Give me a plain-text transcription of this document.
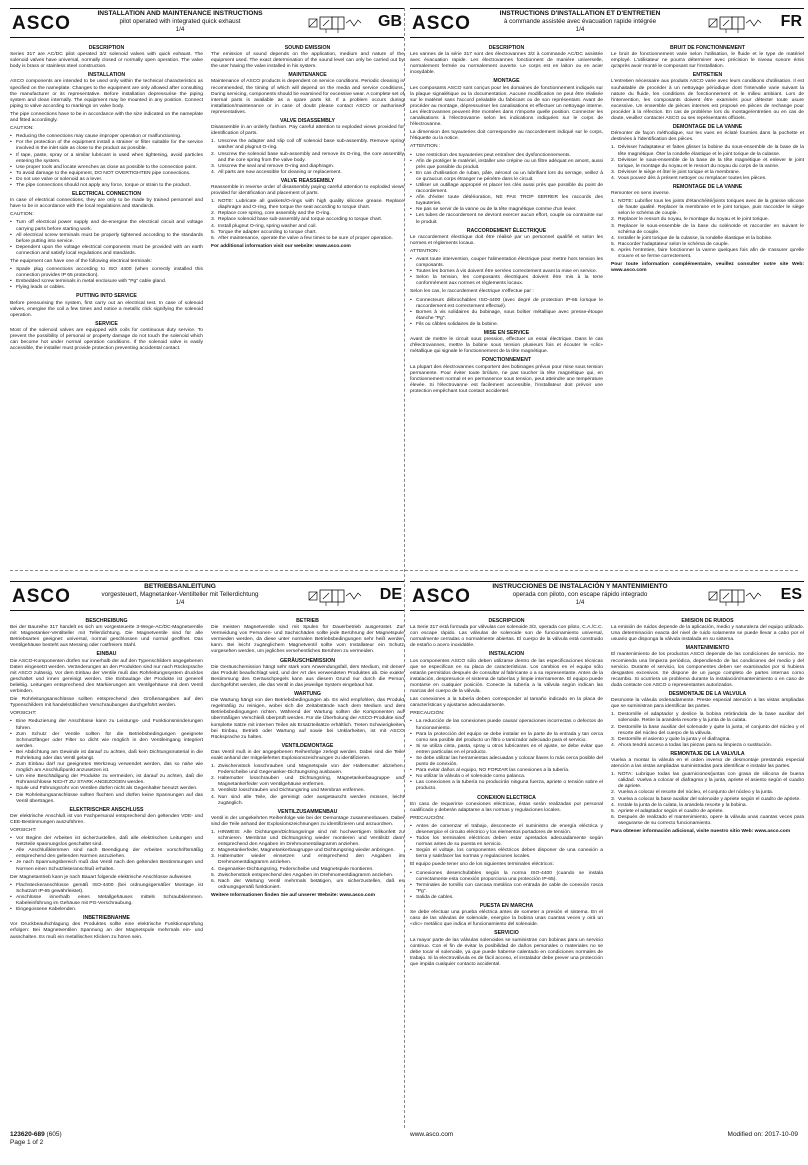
ASCO	INSTALLATION AND MAINTENANCE INSTRUCTIONS
pilot operated with integrated quick exhaust
1/4	GB
DESCRIPTION

Series 317 are AC/DC pilot operated 3/2 solenoid valves with quick exhaust. The solenoid valves have universal, normally closed or normally open operation. The valve body is brass or stainless steel construction.

INSTALLATION

ASCO components are intended to be used only within the technical characteristics as specified on the nameplate. Changes to the equipment are only allowed after consulting the manufacturer or its representative. Before installation depressurise the piping system and clean internally. The equipment may be mounted in any position. Connect piping to valve according to markings on valve body.

The pipe connections have to be in accordance with the size indicated on the nameplate and fitted accordingly.

CAUTION:

• Reducing the connections may cause improper operation or malfunctioning.
• For the protection of the equipment install a strainer or filter suitable for the service involved in the inlet side as close to the product as possible.
• If tape, paste, spray or a similar lubricant is used when tightening, avoid particles entering the system.
• Use proper tools and locate wrenches as close as possible to the connection point.
• To avoid damage to the equipment, DO NOT OVERTIGHTEN pipe connections.
• Do not use valve or solenoid as a lever.
• The pipe connections should not apply any force, torque or strain to the product.
ELECTRICAL CONNECTION

In case of electrical connections, they are only to be made by trained personnel and have to be in accordance with the local regulations and standards.

CAUTION:

• Turn off electrical power supply and de-energise the electrical circuit and voltage carrying parts before starting work.
• All electrical screw terminals must be properly tightened according to the standards before putting into service.
• Dependent upon the voltage electrical components must be provided with an earth connection and satisfy local regulations and standards.

The equipment can have one of the following electrical terminals:

• Spade plug connections according to ISO 4400 (when correctly installed this connection provides IP 65 protection).
• Embedded screw terminals in metal enclosure with "Pg" cable gland.
• Flying leads or cables.
PUTTING INTO SERVICE

Before pressurising the system, first carry out an electrical test. In case of solenoid valves, energise the coil a few times and notice a metallic click signifying the solenoid operation.

SERVICE

Most of the solenoid valves are equipped with coils for continuous duty service. To prevent the possibility of personal or property damage do not touch the solenoid which can become hot under normal operation conditions. If the solenoid valve is easily accessible, the installer must provide protection preventing accidental contact.

SOUND EMISSION

The emission of sound depends on the application, medium and nature of the equipment used. The exact determination of the sound level can only be carried out by the user having the valve installed in his system.

MAINTENANCE

Maintenance of ASCO products is dependent on service conditions. Periodic cleaning is recommended, the timing of which will depend on the media and service conditions. During servicing, components should be examined for excessive wear. A complete set of internal parts is available as a spare parts kit. If a problem occurs during installation/maintenance or in case of doubt please contact ASCO or authorised representatives.

VALVE DISASSEMBLY

Disassemble in an orderly fashion. Pay careful attention to exploded views provided for identification of parts.

1. Unscrew the adapter and slip coil off solenoid base sub-assembly. Remove spring washer and plugnut O-ring.
2. Unscrew the solenoid base sub-assembly and remove its O-ring, the core assembly and the core spring from the valve body.
3. Unscrew the seal and remove O-ring and diaphragm.
4. All parts are now accessible for cleaning or replacement.
VALVE REASSEMBLY

Reassemble in reverse order of disassembly paying careful attention to exploded views provided for identification and placement of parts.

1. NOTE: Lubricate all gaskets/O-rings with high quality silicone grease. Replace diaphragm and O-ring, then torque the seat according to torque chart.
2. Replace core spring, core assembly and the O-ring.
3. Replace solenoid base sub-assembly and torque according to torque chart.
4. Install plugnut O-ring, spring washer and coil.
5. Torque the adapter according to torque chart.
6. After maintenance, operate the valve a few times to be sure of proper operation.

For additional information visit our website: www.asco.com

ASCO	INSTRUCTIONS D'INSTALLATION ET D'ENTRETIEN
à commande assistée avec évacuation rapide intégrée
1/4	FR
DESCRIPTION

Les vannes de la série 317 sont des électrovannes 3/2 à commande AC/DC assistée avec évacuation rapide. Les électrovannes fonctionnent de manière universelle, normalement fermée ou normalement ouverte. Le corps est en laiton ou en acier inoxydable.

MONTAGE

Les composants ASCO sont conçus pour les domaines de fonctionnement indiqués sur la plaque signalétique ou la documentation. Aucune modification ne peut être réalisée sur le matériel sans l'accord préalable du fabricant ou de son représentant. Avant de procéder au montage, dépressuriser les canalisations et effectuer un nettoyage interne. Les électrovannes peuvent être montées dans n'importe quelle position. Connecter les canalisations à l'électrovanne selon les indications indiquées sur le corps de l'électrovanne.

La dimension des tuyauteries doit correspondre au raccordement indiqué sur le corps, l'étiquette ou la notice.

ATTENTION :

• Une restriction des tuyauteries peut entraîner des dysfonctionnements.
• Afin de protéger le matériel, installer une crépine ou un filtre adéquat en amont, aussi près que possible du produit.
• En cas d'utilisation de ruban, pâte, aérosol ou un lubrifiant lors du serrage, veillez à ce qu'aucun corps étranger ne pénètre dans le circuit.
• Utiliser un outillage approprié et placer les clés aussi près que possible du point de raccordement.
• Afin d'éviter toute détérioration, NE PAS TROP SERRER les raccords des tuyauteries.
• Ne pas se servir de la vanne ou de la tête magnétique comme d'un levier.
• Les tubes de raccordement ne devront exercer aucun effort, couple ou contrainte sur le produit.
RACCORDEMENT ÉLECTRIQUE

Le raccordement électrique doit être réalisé par un personnel qualifié et selon les normes et règlements locaux.

ATTENTION :

• Avant toute intervention, couper l'alimentation électrique pour mettre hors tension les composants.
• Toutes les bornes à vis doivent être serrées correctement avant la mise en service.
• Selon la tension, les composants électriques doivent être mis à la terre conformément aux normes et règlements locaux.

Selon les cas, le raccordement électrique s'effectue par :

• Connecteurs débrochables ISO-4400 (avec degré de protection IP-65 lorsque le raccordement est correctement effectué).
• Bornes à vis solidaires du bobinage, sous boîtier métallique avec presse-étoupe étanche "Pg".
• Fils ou câbles solidaires de la bobine.
MISE EN SERVICE

Avant de mettre le circuit sous pression, effectuer un essai électrique. Dans le cas d'électrovannes, mettre la bobine sous tension plusieurs fois et écouter le «clic» métallique qui signale le fonctionnement de la tête magnétique.

FONCTIONNEMENT

La plupart des électrovannes comportent des bobinages prévus pour mise sous tension permanente. Pour éviter toute brûlure, ne pas toucher la tête magnétique qui, en fonctionnement normal et en permanence sous tension, peut atteindre une température élevée. Si l'électrovanne est facilement accessible, l'installateur doit prévoir une protection empêchant tout contact accidentel.

BRUIT DE FONCTIONNEMENT

Le bruit de fonctionnement varie selon l'utilisation, le fluide et le type de matériel employé. L'utilisateur ne pourra déterminer avec précision le niveau sonore émis qu'après avoir monté le composant sur l'installation.

ENTRETIEN

L'entretien nécessaire aux produits ASCO varie avec leurs conditions d'utilisation. Il est souhaitable de procéder à un nettoyage périodique dont l'intervalle varie suivant la nature du fluide, les conditions de fonctionnement et le milieu ambiant. Lors de l'intervention, les composants doivent être examinés pour détecter toute usure excessive. Un ensemble de pièces internes est proposé en pièces de rechange pour procéder à la réfection. En cas de problème lors du montage/entretien ou en cas de doute, veuillez contacter ASCO ou ses représentants officiels.

DEMONTAGE DE LA VANNE

Démonter de façon méthodique, sur les vues en éclaté fournies dans la pochette et destinées à l'identification des pièces.

1. Dévisser l'adaptateur et faites glisser la bobine du sous-ensemble de la base de la tête magnétique. Ôter la rondelle élastique et le joint torique de la culasse.
2. Dévisser le sous-ensemble de la base de la tête magnétique et enlever le joint torique, le montage du noyau et le ressort du noyau du corps de la vanne.
3. Dévisser le siège et ôter le joint torique et la membrane.
4. Vous pouvez dès à présent nettoyer ou remplacer toutes les pièces.
REMONTAGE DE LA VANNE

Remonter en sens inverse.

1. NOTE: Lubrifier tous les joints d'étanchéité/joints toriques avec de la graisse silicone de haute qualité. Replacer la membrane et le joint torique, puis raccorder le siège selon le schéma de couple.
2. Replacer le ressort du noyau, le montage du noyau et le joint torique.
3. Replacer le sous-ensemble de la base du solénoïde et raccorder en suivant le schéma de couple.
4. Installer le joint torique de la culasse, la rondelle élastique et la bobine.
5. Raccorder l'adaptateur selon le schéma de couple.
6. Après l'entretien, faire fonctionner la vanne quelques fois afin de s'assurer qu'elle s'ouvre et se ferme correctement.

Pour toute information complémentaire, veuillez consulter notre site Web: www.asco.com

ASCO	BETRIEBSANLEITUNG
vorgesteuert, Magnetanker-Ventilteller mit Tellerdichtung
1/4	DE
BESCHREIBUNG

Bei der Baureihe 317 handelt es sich um vorgesteuerte 3-Wege-AC/DC-Magnetventile mit Magnetanker-Ventilteller mit Tellerdichtung. Die Magnetventile sind für alle Betriebsarten geeignet: universal, normal geschlossen und normal geöffnet. Das Ventilgehäuse besteht aus Messing oder rostfreiem Stahl.

EINBAU

Die ASCO-Komponenten dürfen nur innerhalb der auf den Typenschildern angegebenen Daten eingesetzt werden. Veränderungen an den Produkten sind nur nach Rücksprache mit ASCO zulässig. Vor dem Einbau der Ventile muß das Rohrleitungssystem drucklos geschaltet und innen gereinigt werden. Die Einbaulage der Produkte ist generell beliebig. Leitungen entsprechend den Markierungen am Ventilgehäuse mit dem Ventil verbinden.

Die Rohrleitungsanschlüsse sollten entsprechend den Größenangaben auf den Typenschildern mit handelsüblichen Verschraubungen durchgeführt werden.

VORSICHT:

• Eine Reduzierung der Anschlüsse kann zu Leistungs- und Funktionsminderungen führen.
• Zum Schutz der Ventile sollten für die Betriebsbedingungen geeignete Schmutzfänger oder Filter so dicht wie möglich in den Ventileingang integriert werden.
• Bei Abdichtung am Gewinde ist darauf zu achten, daß kein Dichtungsmaterial in die Rohrleitung oder das Ventil gelangt.
• Zum Einbau darf nur geeignetes Werkzeug verwendet werden, das so nahe wie möglich am Anschlußpunkt anzusetzen ist.
• Um eine Beschädigung der Produkte zu vermeiden, ist darauf zu achten, daß die Rohranschlüsse NICHT ZU STARK ANGEZOGEN werden.
• Spule und Führungsrohr von Ventilen dürfen nicht als Gegenhalter benutzt werden.
• Die Rohrleitungsanschlüsse sollten fluchten und dürfen keine Spannungen auf das Ventil übertragen.
ELEKTRISCHER ANSCHLUSS

Der elektrische Anschluß ist von Fachpersonal entsprechend den geltenden VDE- und CEE-Bestimmungen auszuführen.

VORSICHT:

• Vor Beginn der Arbeiten ist sicherzustellen, daß alle elektrischen Leitungen und Netzteile spannungslos geschaltet sind.
• Alle Anschlußklemmen sind nach Beendigung der Arbeiten vorschriftsmäßig entsprechend den geltenden Normen anzuziehen.
• Je nach Spannungsbereich muß das Ventil nach den geltenden Bestimmungen und Normen einen Schutzleiteranschluß erhalten.

Der Magnetantrieb kann je nach Bauart folgende elektrische Anschlüsse aufweisen

• Flachsteckeranschlüsse gemäß ISO-4400 (bei ordnungsgemäßer Montage ist Schutzart IP-65 gewährleistet).
• Anschlüsse innerhalb eines Metallgehäuses mittels Schraubklemmen. Kabeleinführung im Gehäuse mit PG-Verschraubung.
• Eingegossene Kabelenden.
INBETRIEBNAHME

Vor Druckbeaufschlagung des Produktes sollte eine elektrische Funktionsprüfung erfolgen: Bei Magnetventilen Spannung an der Magnetspule mehrmals ein- und ausschalten. Es muß ein metallisches Klicken zu hören sein.

BETRIEB

Die meisten Magnetventile sind mit Spulen für Dauerbetrieb ausgerüstet. Zur Vermeidung von Personen- und Sachschäden sollte jede Berührung der Magnetspule vermieden werden, da diese unter normalen Betriebsbedingungen sehr heiß werden kann. Bei leicht zugänglichem Magnetventil sollte vom Installateur ein Schutz vorgesehen werden, um jegliches versehentliches Berühren zu vermeiden.

GERÄUSCHEMISSION

Die Geräuschemission hängt sehr stark vom Anwendungsfall, dem Medium, mit denen das Produkt beaufschlagt wird, und der Art des verwendeten Produktes ab. Die exakte Bestimmung des Geräuschpegels kann aus diesem Grund nur durch die Person durchgeführt werden, die das Ventil in das jeweilige System eingebaut hat.

WARTUNG

Die Wartung hängt von den Betriebsbedingungen ab. Es wird empfohlen, das Produkt regelmäßig zu reinigen, wobei sich die Zeitabstände nach dem Medium und den Betriebsbedingungen richten. Während der Wartung sollten die Komponenten auf übermäßigen Verschleiß überprüft werden. Für die Überholung der ASCO-Produkte sind komplette Sätze mit internen Teilen als Ersatzteilsätze erhältlich. Treten Schwierigkeiten bei Einbau, Betrieb oder Wartung auf sowie bei Unklarheiten, ist mit ASCO Rücksprache zu halten.

VENTILDEMONTAGE

Das Ventil muß in der angegebenen Reihenfolge zerlegt werden. Dabei sind die Teile exakt anhand der mitgelieferten Explosionszeichnungen zu identifizieren.

1. Zwischenstück losschrauben und Magnetspule von der Haltemutter abziehen. Federscheibe und Gegenanker-Dichtungsring ausbauen.
2. Haltemutter losschrauben und Dichtungsring, Magnetankerbaugruppe und Magnetankerfeder vom Ventilgehäuse entfernen.
3. Ventilsitz losschrauben und Dichtungsring und Membran entfernen.
4. Nun sind alle Teile, die gereinigt oder ausgetauscht werden müssen, leicht zugänglich.
VENTILZUSAMMENBAU

Ventil in der umgekehrten Reihenfolge wie bei der Demontage zusammenbauen. Dabei sind die Teile anhand der Explosionszeichnungen zu identifizieren und anzuordnen.

1. HINWEIS: Alle Dichtungen/Dichtungsringe sind mit hochwertigem Silikonfett zu schmieren. Membran und Dichtungsring wieder montieren und Ventilsitz dann entsprechend den Angaben im Drehmomentdiagramm anziehen.
2. Magnetankerfeder, Magnetankerbaugruppe und Dichtungsring wieder anbringen.
3. Haltemutter wieder einsetzen und entsprechend den Angaben im Drehmomentdiagramm anziehen.
4. Gegenanker-Dichtungsring, Federscheibe und Magnetspule montieren.
5. Zwischenstück entsprechend den Angaben im Drehmomentdiagramm anziehen.
6. Nach der Wartung Ventil mehrmals betätigen, um sicherzustellen, daß es ordnungsgemäß funktioniert.

Weitere Informationen finden Sie auf unserer Website: www.asco.com

ASCO	INSTRUCCIONES DE INSTALACIÓN Y MANTENIMIENTO
operada con piloto, con escape rápido integrado
1/4	ES
DESCRIPCION

La Serie 317 está formada por válvulas con solenoide 3/2, operada con piloto, C.A./C.C. con escape rápido. Las válvulas de solenoide son de funcionamiento universal, normalmente cerradas o normalmente abiertas. El cuerpo de la válvula está construido de estaño o acero inoxidable.

INSTALACION

Los componentes ASCO sólo deben utilizarse dentro de las especificaciones técnicas que se especifican en su placa de características. Los cambios en el equipo sólo estarán permitidos después de consultar al fabricante o a su representante. Antes de la instalación, despresurice el sistema de tuberías y limpie internamente. El equipo puede montarse en cualquier posición. Conecte la tubería a la válvula según indican las marcas del cuerpo de la válvula.

Las conexiones a la tubería deben corresponder al tamaño indicado en la placa de características y ajustarse adecuadamente.

PRECAUCIÓN:

• La reducción de las conexiones puede causar operaciones incorrectas o defectos de funcionamiento.
• Para la protección del equipo se debe instalar en la parte de la entrada y tan cerca como sea posible del producto un filtro o tamizador adecuado para el servicio.
• Si se utiliza cinta, pasta, spray u otros lubricantes en el ajuste, se debe evitar que entren partículas en el producto.
• Se debe utilizar las herramientas adecuadas y colocar llaves lo más cerca posible del punto de conexión.
• Para evitar daños al equipo, NO FORZAR las conexiones a la tubería.
• No utilizar la válvula o el solenoide como palanca.
• Las conexiones a la tubería no producirán ninguna fuerza, apriete o tensión sobre el producto.
CONEXION ELECTRICA

En caso de requerirse conexiones eléctricas, éstas serán realizadas por personal cualificado y deberán adaptarse a las normas y regulaciones locales.

PRECAUCIÓN:

• Antes de comenzar el trabajo, desconecte el suministro de energía eléctrica y desenergice el circuito eléctrico y los elementos portadores de tensión.
• Todos los terminales eléctricos deben estar apretados adecuadamente según normas antes de su puesta en servicio.
• Según el voltaje, los componentes eléctricos deben disponer de una conexión a tierra y satisfacer las normas y regulaciones locales.

El equipo puede tener uno de los siguientes terminales eléctricos:

• Conexiones desenchufables según la norma ISO-4400 (cuando se instala correctamente esta conexión proporciona una protección IP-65).
• Terminales de tornillo con carcasa metálica con entrada de cable de conexión rosca "Pg".
• Salida de cables.
PUESTA EN MARCHA

Se debe efectuar una prueba eléctrica antes de someter a presión el sistema. En el caso de las válvulas de solenoide, energice la bobina unas cuantas veces y oirá un «clic» metálico que indica el funcionamiento del solenoide.

SERVICIO

La mayor parte de las válvulas solenoides se suministran con bobinas para un servicio continuo. Con el fin de evitar la posibilidad de daños personales o materiales no se debe tocar el solenoide, ya que puede haberse calentado en condiciones normales de trabajo. Si la electroválvula es de fácil acceso, el instalador debe prever una protección que impida cualquier contacto accidental.

EMISION DE RUIDOS

La emisión de ruidos depende de la aplicación, medio y naturaleza del equipo utilizado. Una determinación exacta del nivel de ruido solamente se puede llevar a cabo por el usuario que disponga la válvula instalada en su sistema.

MANTENIMIENTO

El mantenimiento de los productos ASCO depende de las condiciones de servicio. Se recomienda una limpieza periódica, dependiendo de las condiciones del medio y del servicio. Durante el servicio, los componentes deben ser examinados por si hubiera desgastes excesivos. Se dispone de un juego completo de partes internas como recambio. Si ocurriera un problema durante la instalación/mantenimiento o en caso de duda contacte con ASCO o representantes autorizados.

DESMONTAJE DE LA VALVULA

Desmonte la válvula ordenadamente. Preste especial atención a las vistas ampliadas que se suministran para identificar las partes.

1. Destornille el adaptador y deslice la bobina retirándola de la base auxiliar del solenoide. Retire la arandela resorte y la junta de la culata.
2. Destornille la base auxiliar del solenoide y quite la junta, el conjunto del núcleo y el resorte del núcleo del cuerpo de la válvula.
3. Destornille el asiento y quite la junta y el diafragma.
4. Ahora tendrá acceso a todas las piezas para su limpieza o sustitución.
REMONTAJE DE LA VALVULA

Vuelva a montar la válvula en el orden inverso de desmontaje prestando especial atención a las vistas ampliadas suministradas para identificar e instalar las partes.

1. NOTA: Lubrique todas las guarniciones/juntas con grasa de silicona de buena calidad. Vuelva a colocar el diafragma y la junta, apriete el asiento según el cuadro de apriete.
2. Vuelva a colocar el resorte del núcleo, el conjunto del núcleo y la junta.
3. Vuelva a colocar la base auxiliar del solenoide y apriete según el cuadro de apriete.
4. Instale la junta de la culata, la arandela resorte y la bobina.
5. Apriete el adaptador según el cuadro de apriete.
6. Después de realizado el mantenimiento, opere la válvula unas cuantas veces para asegurarse de su correcto funcionamiento.

Para obtener información adicional, visite nuestro sitio Web: www.asco.com

123620-689 (605)
Page 1 of 2
www.asco.com	Modified on: 2017-10-09
